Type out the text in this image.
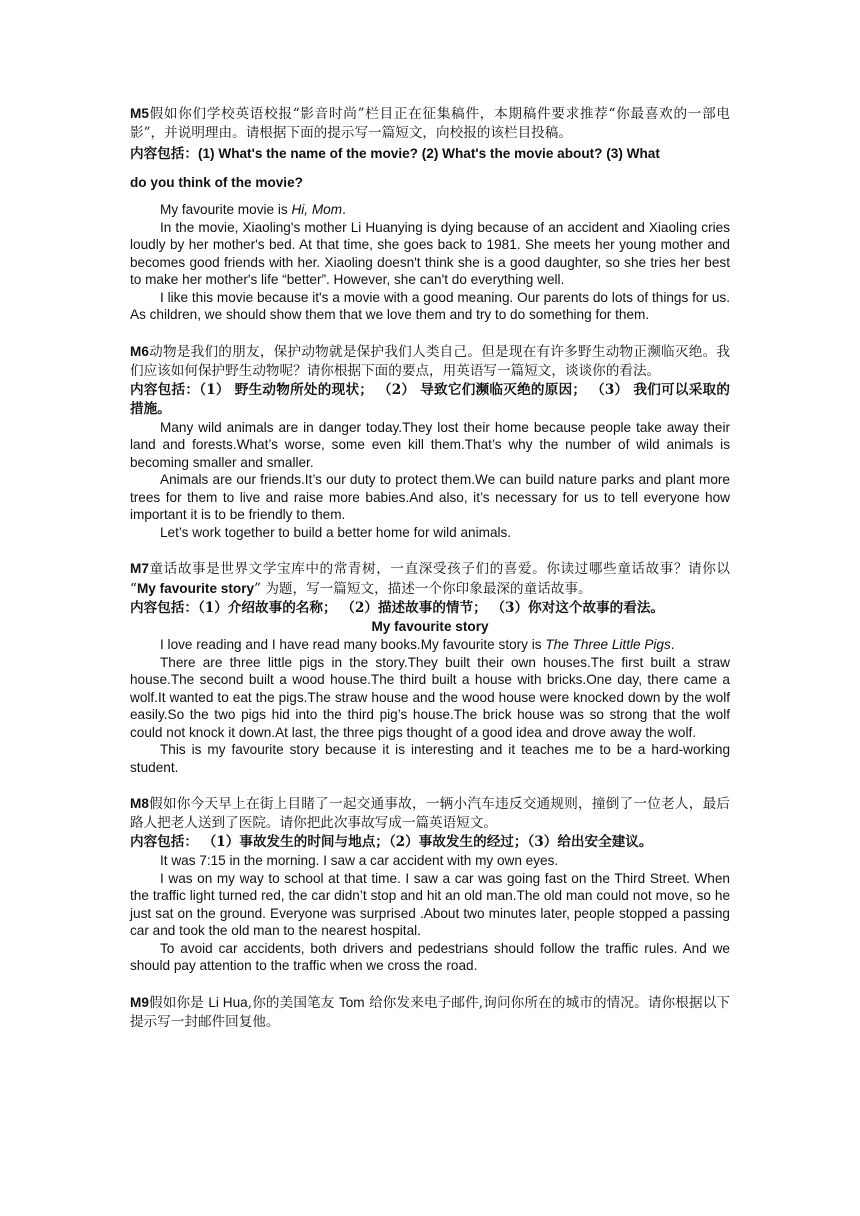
M5假如你们学校英语校报“影音时尚”栏目正在征集稿件，本期稿件要求推荐“你最喜欢的一部电影”，并说明理由。请根据下面的提示写一篇短文，向校报的该栏目投稿。

内容包括：(1) What's the name of the movie? (2) What's the movie about? (3) What

do you think of the movie?

My favourite movie is Hi, Mom.

In the movie, Xiaoling's mother Li Huanying is dying because of an accident and Xiaoling cries loudly by her mother's bed. At that time, she goes back to 1981. She meets her young mother and becomes good friends with her. Xiaoling doesn't think she is a good daughter, so she tries her best to make her mother's life “better”. However, she can't do everything well.

I like this movie because it's a movie with a good meaning. Our parents do lots of things for us. As children, we should show them that we love them and try to do something for them.

M6动物是我们的朋友，保护动物就是保护我们人类自己。但是现在有许多野生动物正濒临灭绝。我们应该如何保护野生动物呢？请你根据下面的要点，用英语写一篇短文，谈谈你的看法。

内容包括：（1） 野生动物所处的现状； （2） 导致它们濒临灭绝的原因； （3） 我们可以采取的措施。

Many wild animals are in danger today.They lost their home because people take away their land and forests.What’s worse, some even kill them.That’s why the number of wild animals is becoming smaller and smaller.

Animals are our friends.It’s our duty to protect them.We can build nature parks and plant more trees for them to live and raise more babies.And also, it’s necessary for us to tell everyone how important it is to be friendly to them.

Let’s work together to build a better home for wild animals.

M7童话故事是世界文学宝库中的常青树，一直深受孩子们的喜爱。你读过哪些童话故事？请你以 “My favourite story” 为题，写一篇短文，描述一个你印象最深的童话故事。

内容包括：（1）介绍故事的名称； （2）描述故事的情节； （3）你对这个故事的看法。

My favourite story

I love reading and I have read many books.My favourite story is The Three Little Pigs.

There are three little pigs in the story.They built their own houses.The first built a straw house.The second built a wood house.The third built a house with bricks.One day, there came a wolf.It wanted to eat the pigs.The straw house and the wood house were knocked down by the wolf easily.So the two pigs hid into the third pig’s house.The brick house was so strong that the wolf could not knock it down.At last, the three pigs thought of a good idea and drove away the wolf.

This is my favourite story because it is interesting and it teaches me to be a hard-working student.

M8假如你今天早上在街上目睹了一起交通事故，一辆小汽车违反交通规则，撞倒了一位老人，最后路人把老人送到了医院。请你把此次事故写成一篇英语短文。

内容包括： （1）事故发生的时间与地点；（2）事故发生的经过；（3）给出安全建议。

It was 7:15 in the morning. I saw a car accident with my own eyes.

I was on my way to school at that time. I saw a car was going fast on the Third Street. When the traffic light turned red, the car didn’t stop and hit an old man.The old man could not move, so he just sat on the ground. Everyone was surprised .About two minutes later, people stopped a passing car and took the old man to the nearest hospital.

To avoid car accidents, both drivers and pedestrians should follow the traffic rules. And we should pay attention to the traffic when we cross the road.

M9假如你是 Li Hua,你的美国笔友 Tom 给你发来电子邮件,询问你所在的城市的情况。请你根据以下提示写一封邮件回复他。
